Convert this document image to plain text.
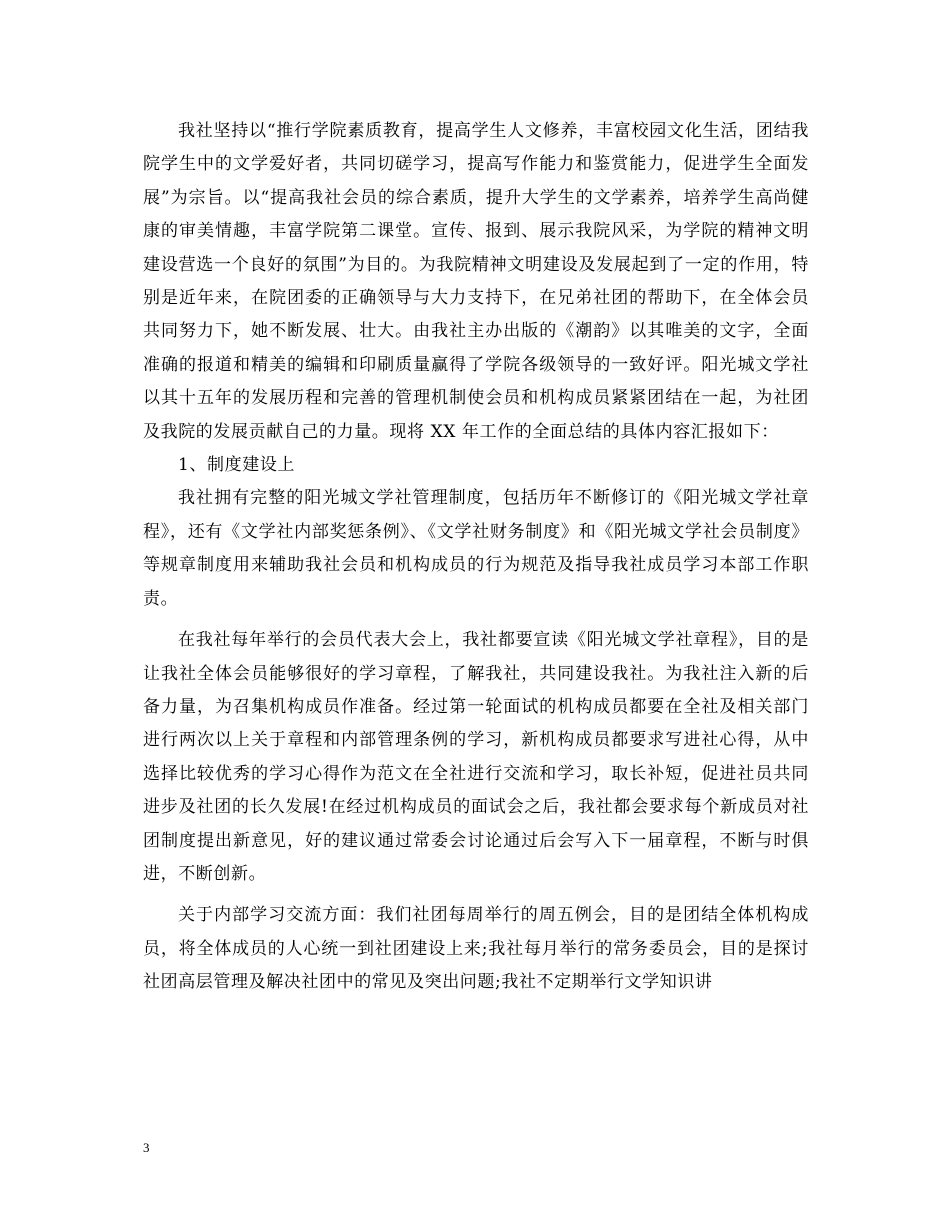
我社坚持以“推行学院素质教育，提高学生人文修养，丰富校园文化生活，团结我院学生中的文学爱好者，共同切磋学习，提高写作能力和鉴赏能力，促进学生全面发展”为宗旨。以“提高我社会员的综合素质，提升大学生的文学素养，培养学生高尚健康的审美情趣，丰富学院第二课堂。宣传、报到、展示我院风采，为学院的精神文明建设营选一个良好的氛围”为目的。为我院精神文明建设及发展起到了一定的作用，特别是近年来，在院团委的正确领导与大力支持下，在兄弟社团的帮助下，在全体会员共同努力下，她不断发展、壮大。由我社主办出版的《潮韵》以其唯美的文字，全面准确的报道和精美的编辑和印刷质量赢得了学院各级领导的一致好评。阳光城文学社以其十五年的发展历程和完善的管理机制使会员和机构成员紧紧团结在一起，为社团及我院的发展贡献自己的力量。现将 XX 年工作的全面总结的具体内容汇报如下：

1、制度建设上

我社拥有完整的阳光城文学社管理制度，包括历年不断修订的《阳光城文学社章程》，还有《文学社内部奖惩条例》、《文学社财务制度》和《阳光城文学社会员制度》等规章制度用来辅助我社会员和机构成员的行为规范及指导我社成员学习本部工作职责。

在我社每年举行的会员代表大会上，我社都要宣读《阳光城文学社章程》，目的是让我社全体会员能够很好的学习章程，了解我社，共同建设我社。为我社注入新的后备力量，为召集机构成员作准备。经过第一轮面试的机构成员都要在全社及相关部门进行两次以上关于章程和内部管理条例的学习，新机构成员都要求写进社心得，从中选择比较优秀的学习心得作为范文在全社进行交流和学习，取长补短，促进社员共同进步及社团的长久发展!在经过机构成员的面试会之后，我社都会要求每个新成员对社团制度提出新意见，好的建议通过常委会讨论通过后会写入下一届章程，不断与时俱进，不断创新。

关于内部学习交流方面：我们社团每周举行的周五例会，目的是团结全体机构成员，将全体成员的人心统一到社团建设上来;我社每月举行的常务委员会，目的是探讨社团高层管理及解决社团中的常见及突出问题;我社不定期举行文学知识讲

3
